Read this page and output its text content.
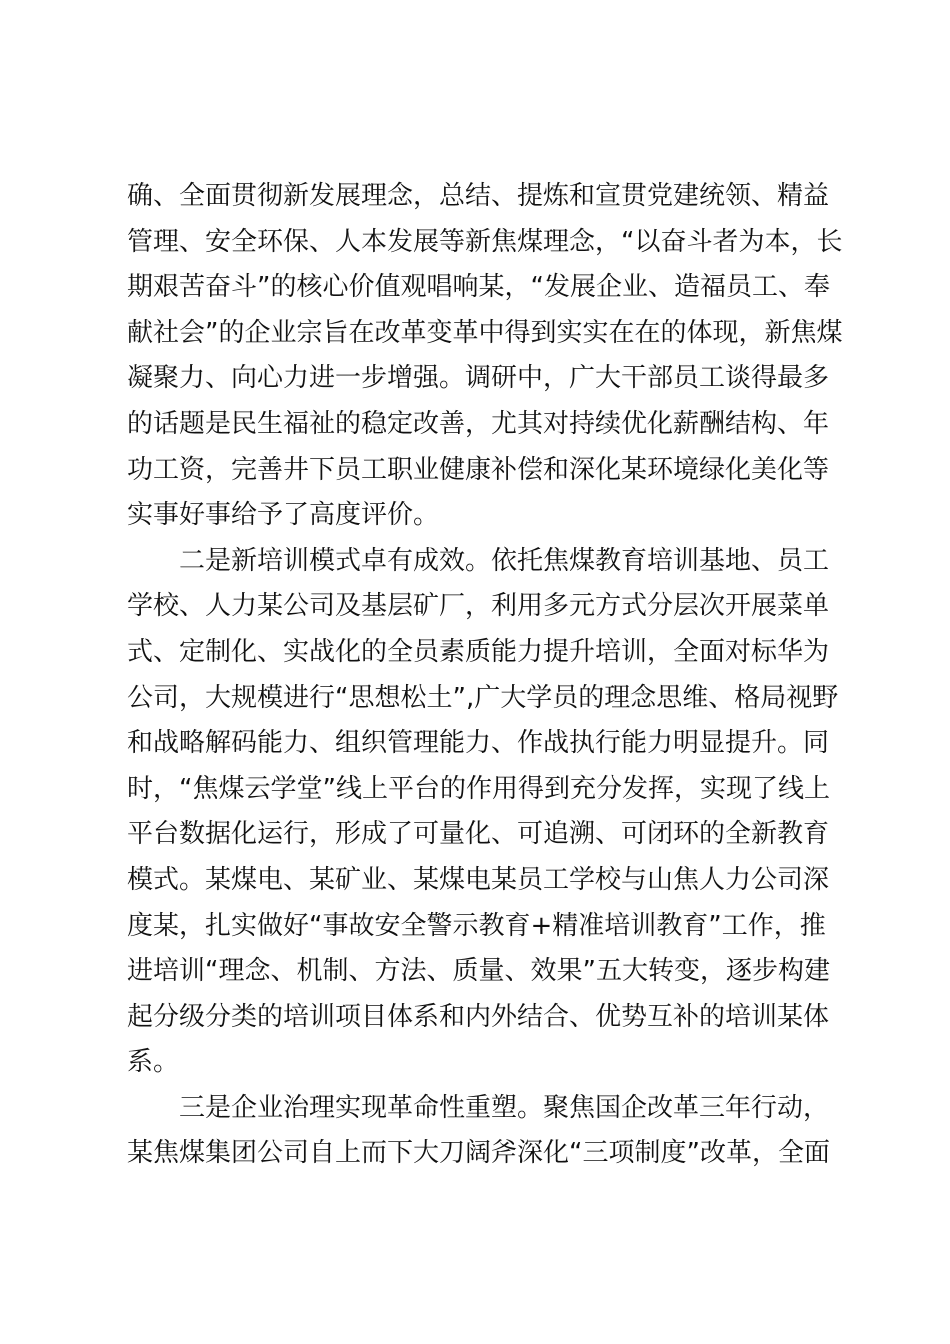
确、全面贯彻新发展理念，总结、提炼和宣贯党建统领、精益
管理、安全环保、人本发展等新焦煤理念，“以奋斗者为本，长
期艰苦奋斗”的核心价值观唱响某，“发展企业、造福员工、奉
献社会”的企业宗旨在改革变革中得到实实在在的体现，新焦煤
凝聚力、向心力进一步增强。调研中，广大干部员工谈得最多
的话题是民生福祉的稳定改善，尤其对持续优化薪酬结构、年
功工资，完善井下员工职业健康补偿和深化某环境绿化美化等
实事好事给予了高度评价。
二是新培训模式卓有成效。依托焦煤教育培训基地、员工
学校、人力某公司及基层矿厂，利用多元方式分层次开展菜单
式、定制化、实战化的全员素质能力提升培训，全面对标华为
公司，大规模进行“思想松土”,广大学员的理念思维、格局视野
和战略解码能力、组织管理能力、作战执行能力明显提升。同
时，“焦煤云学堂”线上平台的作用得到充分发挥，实现了线上
平台数据化运行，形成了可量化、可追溯、可闭环的全新教育
模式。某煤电、某矿业、某煤电某员工学校与山焦人力公司深
度某，扎实做好“事故安全警示教育+精准培训教育”工作，推
进培训“理念、机制、方法、质量、效果”五大转变，逐步构建
起分级分类的培训项目体系和内外结合、优势互补的培训某体
系。
三是企业治理实现革命性重塑。聚焦国企改革三年行动，
某焦煤集团公司自上而下大刀阔斧深化“三项制度”改革，全面
